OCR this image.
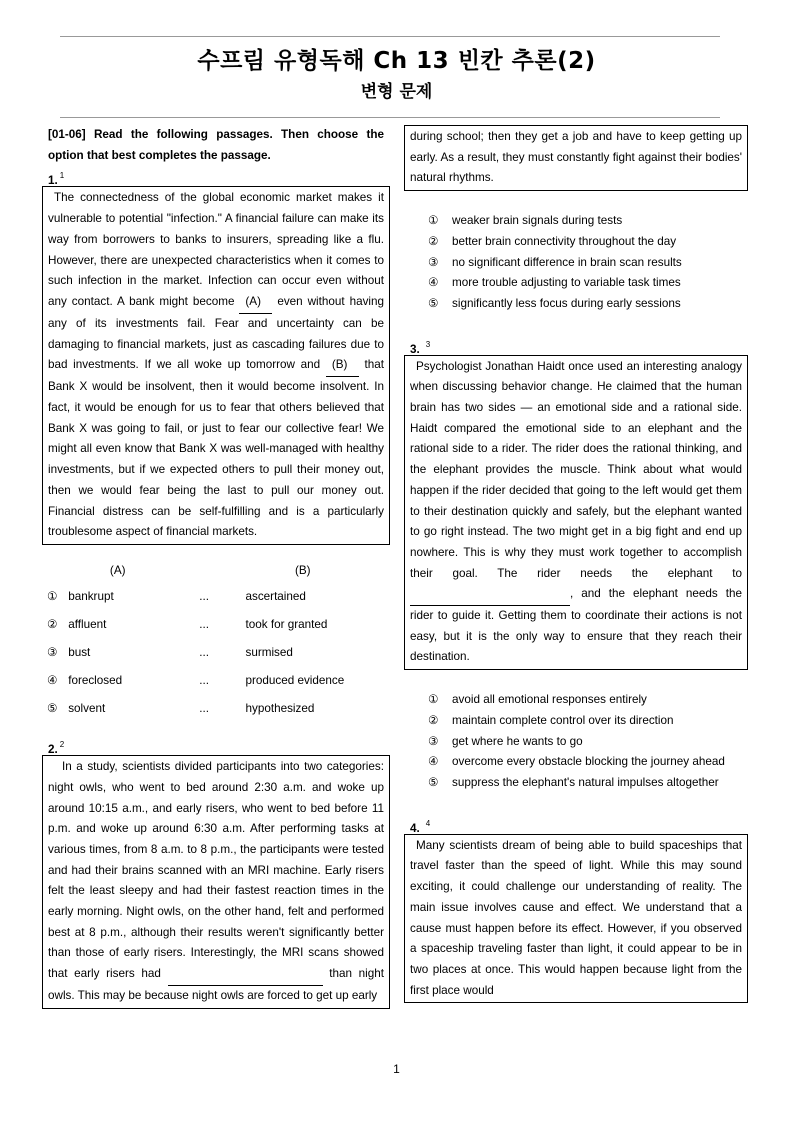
수프림 유형독해 Ch 13 빈칸 추론(2)
변형 문제
[01-06] Read the following passages. Then choose the option that best completes the passage.
1. $^1$

The connectedness of the global economic market makes it vulnerable to potential "infection." A financial failure can make its way from borrowers to banks to insurers, spreading like a flu. However, there are unexpected characteristics when it comes to such infection in the market. Infection can occur even without any contact. A bank might become (A) even without having any of its investments fail. Fear and uncertainty can be damaging to financial markets, just as cascading failures due to bad investments. If we all woke up tomorrow and (B) that Bank X would be insolvent, then it would become insolvent. In fact, it would be enough for us to fear that others believed that Bank X was going to fail, or just to fear our collective fear! We might all even know that Bank X was well-managed with healthy investments, but if we expected others to pull their money out, then we would fear being the last to pull our money out. Financial distress can be self-fulfilling and is a particularly troublesome aspect of financial markets.

(A)	(B)
① bankrupt	...	ascertained
② affluent	...	took for granted
③ bust	...	surmised
④ foreclosed	...	produced evidence
⑤ solvent	...	hypothesized
2. $^2$

In a study, scientists divided participants into two categories: night owls, who went to bed around 2:30 a.m. and woke up around 10:15 a.m., and early risers, who went to bed before 11 p.m. and woke up around 6:30 a.m. After performing tasks at various times, from 8 a.m. to 8 p.m., the participants were tested and had their brains scanned with an MRI machine. Early risers felt the least sleepy and had their fastest reaction times in the early morning. Night owls, on the other hand, felt and performed best at 8 p.m., although their results weren't significantly better than those of early risers. Interestingly, the MRI scans showed that early risers had	than night owls. This may be because night owls are forced to get up early

during school; then they get a job and have to keep getting up early. As a result, they must constantly fight against their bodies' natural rhythms.

①	weaker brain signals during tests
②	better brain connectivity throughout the day
③	no significant difference in brain scan results
④	more trouble adjusting to variable task times
⑤	significantly less focus during early sessions
3. $^3$

Psychologist Jonathan Haidt once used an interesting analogy when discussing behavior change. He claimed that the human brain has two sides — an emotional side and a rational side. Haidt compared the emotional side to an elephant and the rational side to a rider. The rider does the rational thinking, and the elephant provides the muscle. Think about what would happen if the rider decided that going to the left would get them to their destination quickly and safely, but the elephant wanted to go right instead. The two might get in a big fight and end up nowhere. This is why they must work together to accomplish their goal. The rider needs the elephant to  , and the elephant needs the rider to guide it. Getting them to coordinate their actions is not easy, but it is the only way to ensure that they reach their destination.

①	avoid all emotional responses entirely
②	maintain complete control over its direction
③	get where he wants to go
④	overcome every obstacle blocking the journey ahead
⑤	suppress the elephant's natural impulses altogether
4. $^4$

Many scientists dream of being able to build spaceships that travel faster than the speed of light. While this may sound exciting, it could challenge our understanding of reality. The main issue involves cause and effect. We understand that a cause must happen before its effect. However, if you observed a spaceship traveling faster than light, it could appear to be in two places at once. This would happen because light from the first place would

1
